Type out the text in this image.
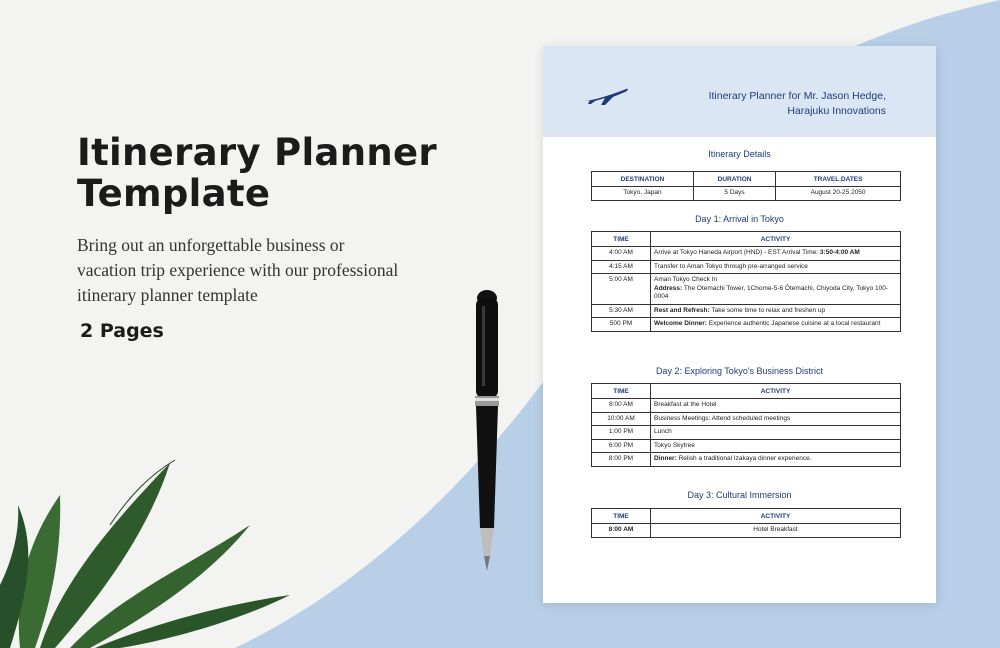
Itinerary Planner Template
Bring out an unforgettable business or vacation trip experience with our professional itinerary planner template
2 Pages
Itinerary Planner for Mr. Jason Hedge,
Harajuku Innovations
Itinerary Details
DESTINATION	DURATION	TRAVEL DATES
Tokyo, Japan	5 Days	August 20-25 2050
Day 1: Arrival in Tokyo
TIME	ACTIVITY
4:00 AM	Arrive at Tokyo Haneda Airport (HND) - EST Arrival Time: 3:50-4:00 AM
4:15 AM	Transfer to Aman Tokyo through pre-arranged service
5:00 AM	Aman Tokyo Check In
Address: The Otemachi Tower, 1Chome-5-6 Ōtemachi, Chiyoda City, Tokyo 100-0004
5:30 AM	Rest and Refresh: Take some time to relax and freshen up
500 PM	Welcome Dinner: Experience authentic Japanese cuisine at a local restaurant
Day 2: Exploring Tokyo's Business District
TIME	ACTIVITY
8:00 AM	Breakfast at the Hotel
10:00 AM	Business Meetings: Attend scheduled meetings
1:00 PM	Lunch
6:00 PM	Tokyo Skytree
8:00 PM	Dinner: Relish a traditional Izakaya dinner experience.
Day 3: Cultural Immersion
TIME	ACTIVITY
8:00 AM	Hotel Breakfast
